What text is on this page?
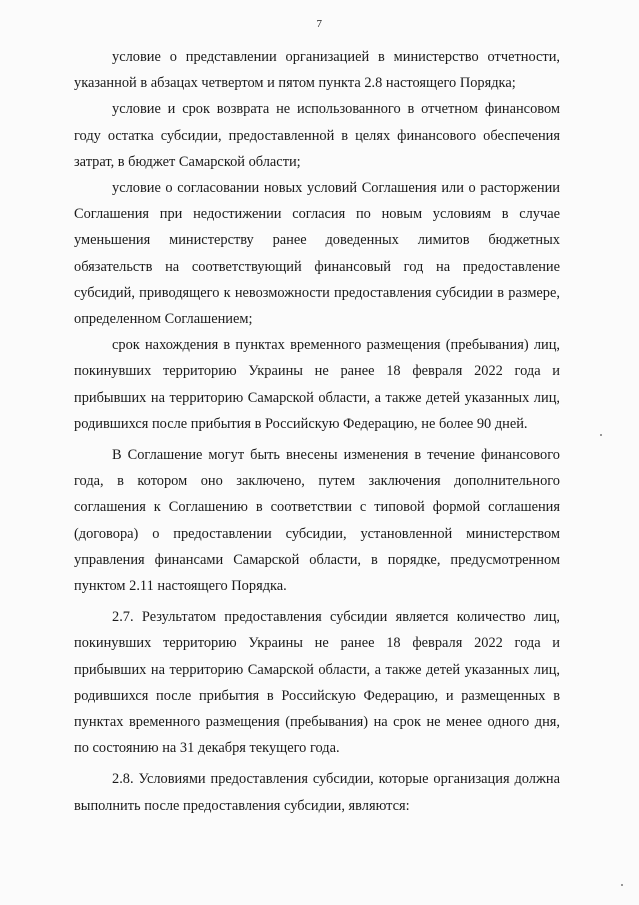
7

условие о представлении организацией в министерство отчетности, указанной в абзацах четвертом и пятом пункта 2.8 настоящего Порядка;

условие и срок возврата не использованного в отчетном финансовом году остатка субсидии, предоставленной в целях финансового обеспечения затрат, в бюджет Самарской области;

условие о согласовании новых условий Соглашения или о расторжении Соглашения при недостижении согласия по новым условиям в случае уменьшения министерству ранее доведенных лимитов бюджетных обязательств на соответствующий финансовый год на предоставление субсидий, приводящего к невозможности предоставления субсидии в размере, определенном Соглашением;

срок нахождения в пунктах временного размещения (пребывания) лиц, покинувших территорию Украины не ранее 18 февраля 2022 года и прибывших на территорию Самарской области, а также детей указанных лиц, родившихся после прибытия в Российскую Федерацию, не более 90 дней.

В Соглашение могут быть внесены изменения в течение финансового года, в котором оно заключено, путем заключения дополнительного соглашения к Соглашению в соответствии с типовой формой соглашения (договора) о предоставлении субсидии, установленной министерством управления финансами Самарской области, в порядке, предусмотренном пунктом 2.11 настоящего Порядка.

2.7. Результатом предоставления субсидии является количество лиц, покинувших территорию Украины не ранее 18 февраля 2022 года и прибывших на территорию Самарской области, а также детей указанных лиц, родившихся после прибытия в Российскую Федерацию, и размещенных в пунктах временного размещения (пребывания) на срок не менее одного дня, по состоянию на 31 декабря текущего года.

2.8. Условиями предоставления субсидии, которые организация должна выполнить после предоставления субсидии, являются:
